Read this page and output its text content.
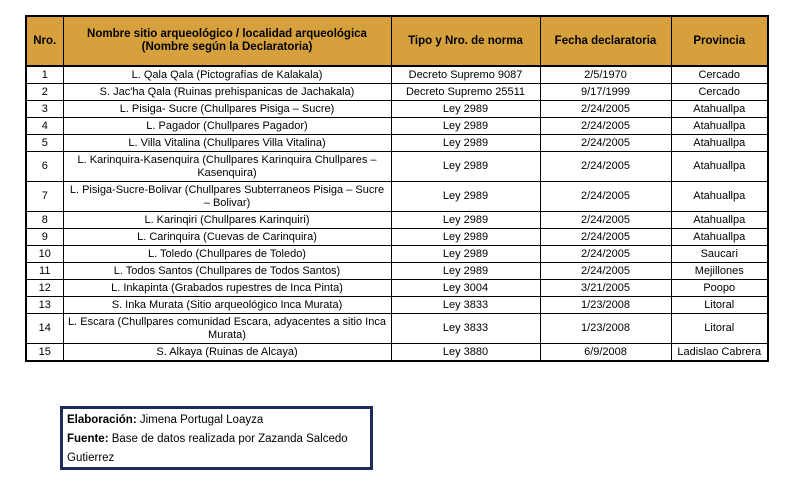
Nro.	Nombre sitio arqueológico / localidad arqueológica (Nombre según la Declaratoria)	Tipo y Nro. de norma	Fecha declaratoria	Provincia
1	L. Qala Qala (Pictografías de Kalakala)	Decreto Supremo 9087	2/5/1970	Cercado
2	S. Jac'ha Qala (Ruinas prehispanicas de Jachakala)	Decreto Supremo 25511	9/17/1999	Cercado
3	L. Pisiga- Sucre (Chullpares Pisiga – Sucre)	Ley 2989	2/24/2005	Atahuallpa
4	L. Pagador (Chullpares Pagador)	Ley 2989	2/24/2005	Atahuallpa
5	L. Villa Vitalina (Chullpares Villa Vitalina)	Ley 2989	2/24/2005	Atahuallpa
6	L. Karinquira-Kasenquira (Chullpares Karinquira Chullpares – Kasenquira)	Ley 2989	2/24/2005	Atahuallpa
7	L. Pisiga-Sucre-Bolivar (Chullpares Subterraneos Pisiga – Sucre – Bolivar)	Ley 2989	2/24/2005	Atahuallpa
8	L. Karinqiri (Chullpares Karinquiri)	Ley 2989	2/24/2005	Atahuallpa
9	L. Carinquira (Cuevas de Carinquira)	Ley 2989	2/24/2005	Atahuallpa
10	L. Toledo (Chullpares de Toledo)	Ley 2989	2/24/2005	Saucari
11	L. Todos Santos (Chullpares de Todos Santos)	Ley 2989	2/24/2005	Mejillones
12	L. Inkapinta (Grabados rupestres de Inca Pinta)	Ley 3004	3/21/2005	Poopo
13	S. Inka Murata (Sitio arqueológico Inca Murata)	Ley 3833	1/23/2008	Litoral
14	L. Escara (Chullpares comunidad Escara, adyacentes a sitio Inca Murata)	Ley 3833	1/23/2008	Litoral
15	S. Alkaya (Ruinas de Alcaya)	Ley 3880	6/9/2008	Ladislao Cabrera
Elaboración: Jimena Portugal Loayza
Fuente: Base de datos realizada por Zazanda Salcedo Gutierrez
